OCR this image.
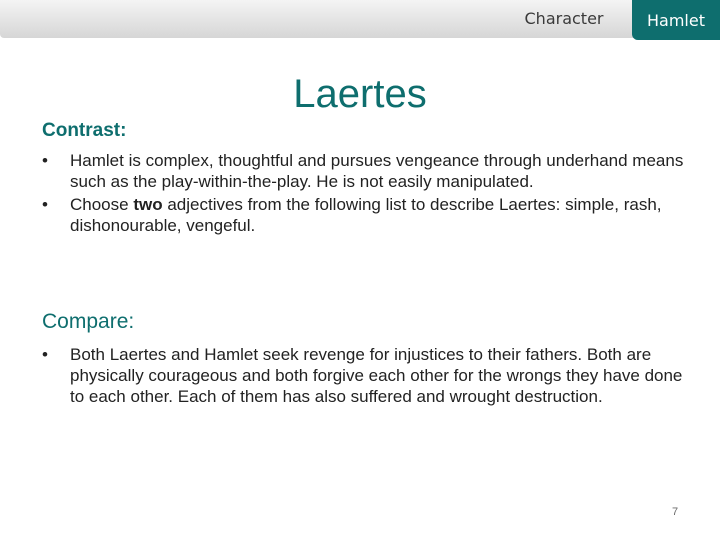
Character	Hamlet
Laertes
Contrast:
• Hamlet is complex, thoughtful and pursues vengeance through underhand means such as the play-within-the-play. He is not easily manipulated.
• Choose two adjectives from the following list to describe Laertes: simple, rash, dishonourable, vengeful.
Compare:
• Both Laertes and Hamlet seek revenge for injustices to their fathers. Both are physically courageous and both forgive each other for the wrongs they have done to each other. Each of them has also suffered and wrought destruction.
7
